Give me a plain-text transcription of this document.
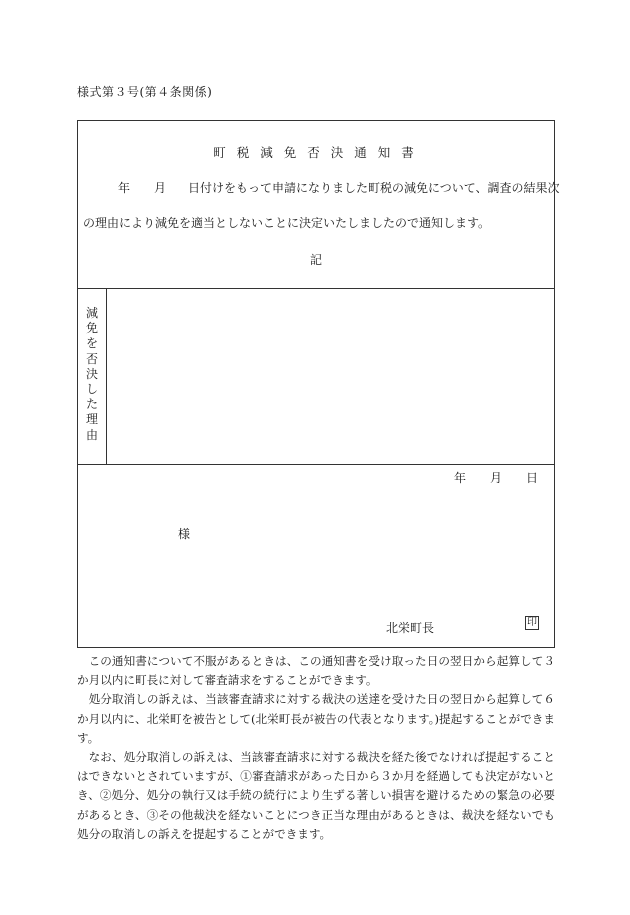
様式第３号(第４条関係)
町税減免否決通知書
年 月 日付けをもって申請になりました町税の減免について、調査の結果次
の理由により減免を適当としないことに決定いたしましたので通知します。
記
減
免
を
否
決
し
た
理
由
年 月 日
様
北栄町長	印

この通知書について不服があるときは、この通知書を受け取った日の翌日から起算して３か月以内に町長に対して審査請求をすることができます。

処分取消しの訴えは、当該審査請求に対する裁決の送達を受けた日の翌日から起算して６か月以内に、北栄町を被告として(北栄町長が被告の代表となります。)提起することができます。

なお、処分取消しの訴えは、当該審査請求に対する裁決を経た後でなければ提起することはできないとされていますが、①審査請求があった日から３か月を経過しても決定がないとき、②処分、処分の執行又は手続の続行により生ずる著しい損害を避けるための緊急の必要があるとき、③その他裁決を経ないことにつき正当な理由があるときは、裁決を経ないでも処分の取消しの訴えを提起することができます。
